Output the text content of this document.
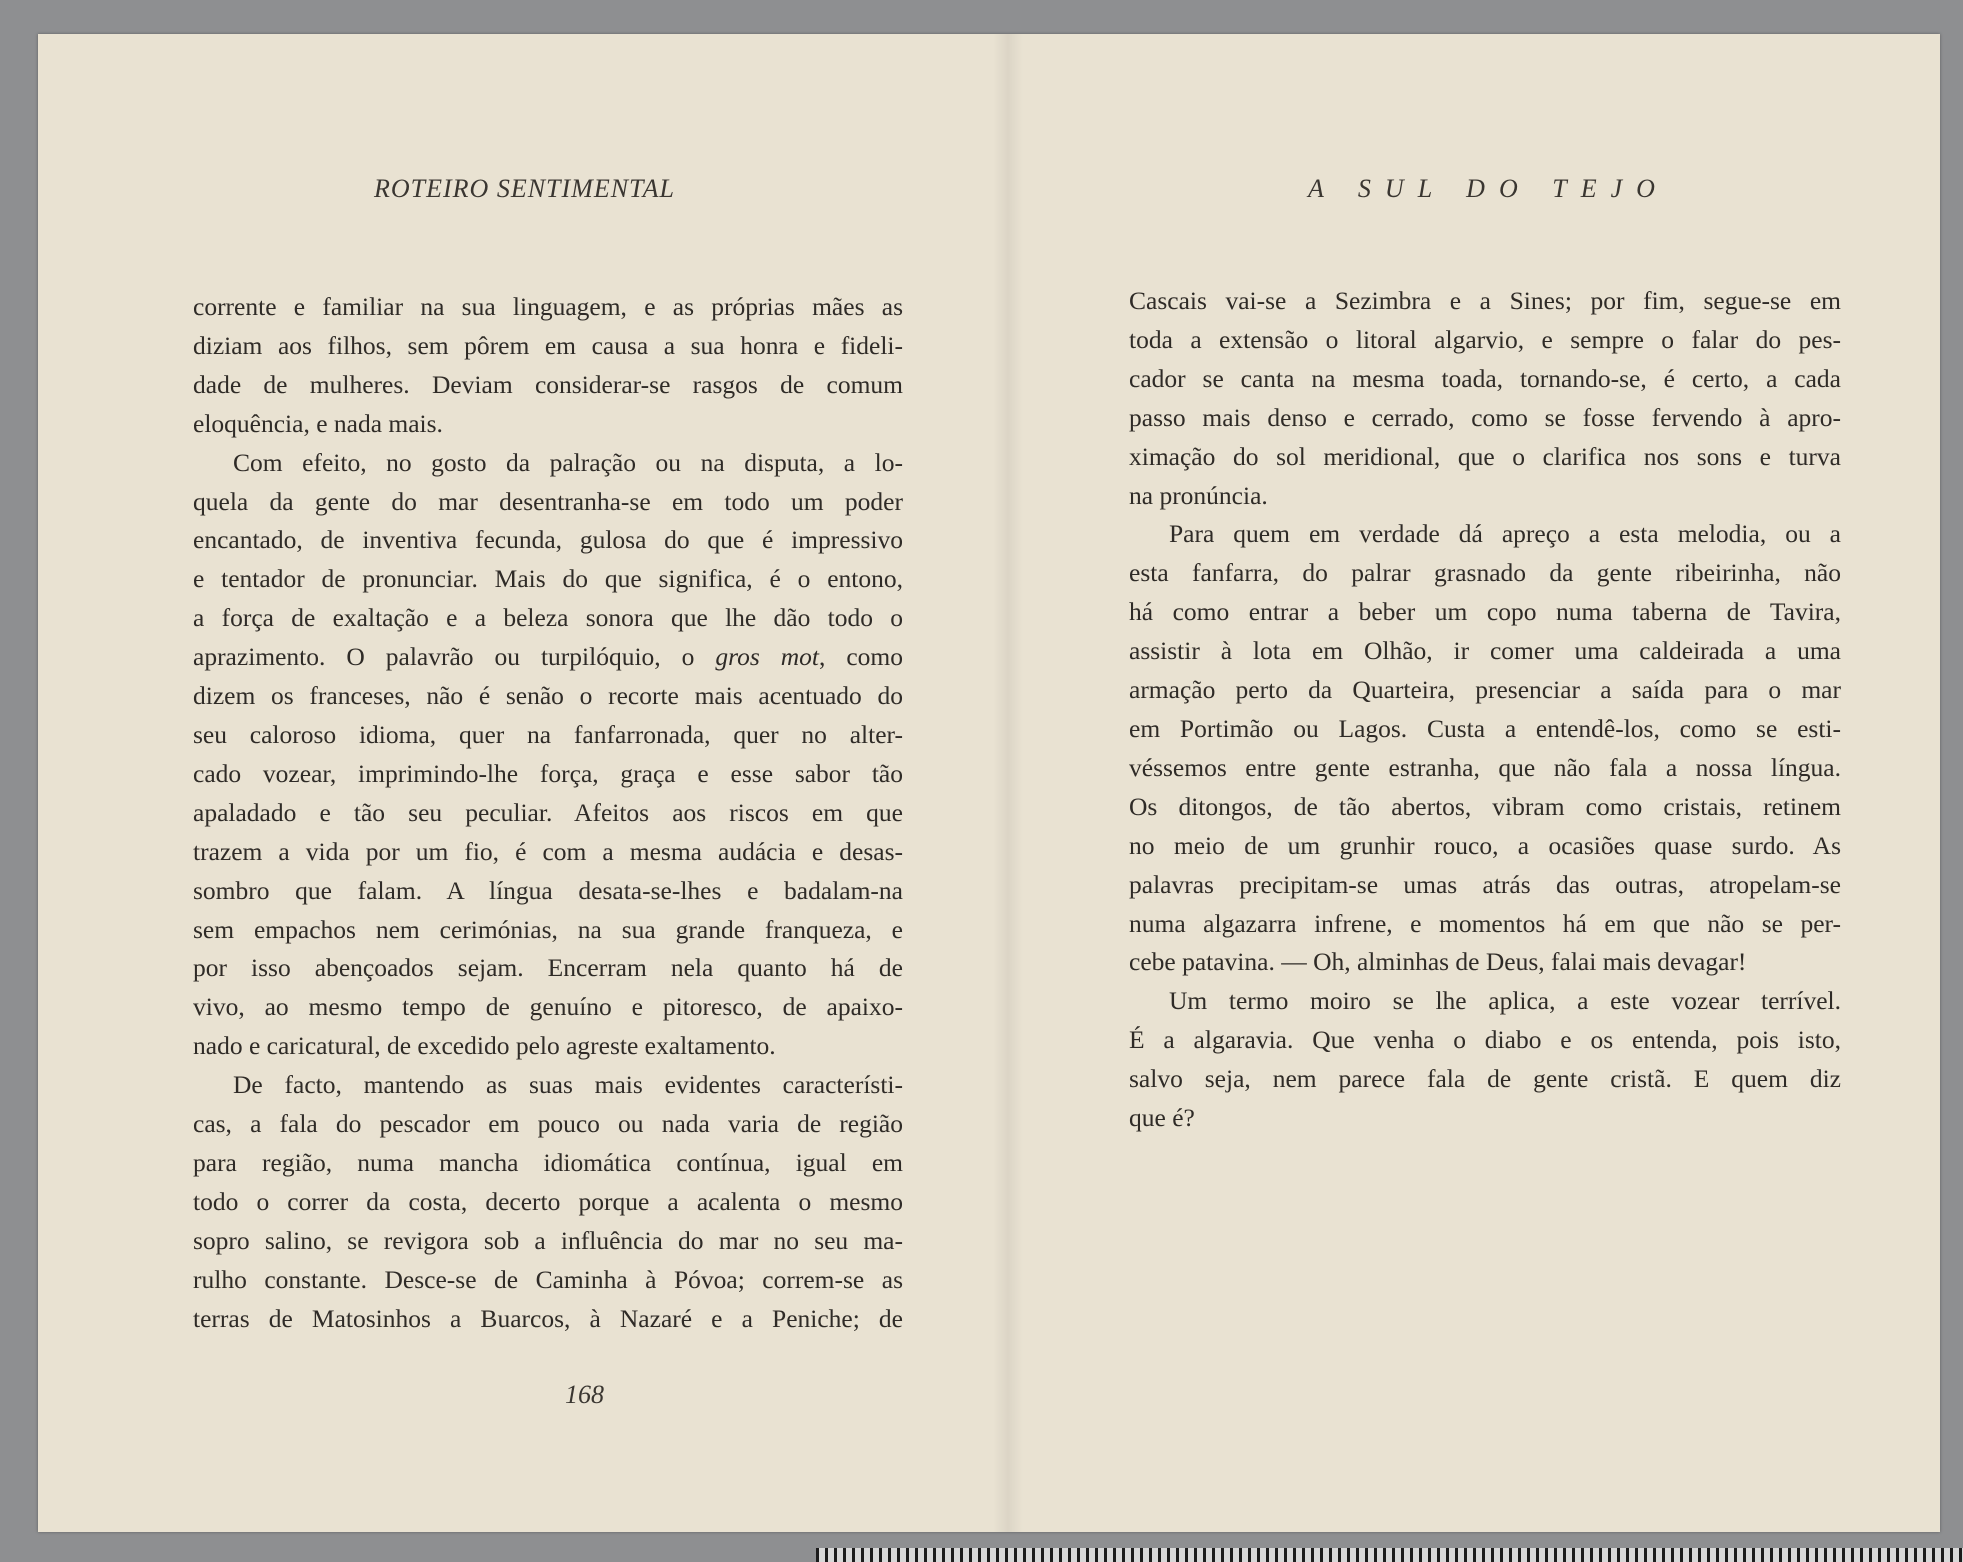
ROTEIRO SENTIMENTAL
corrente e familiar na sua linguagem, e as próprias mães as
diziam aos filhos, sem pôrem em causa a sua honra e fideli-
dade de mulheres. Deviam considerar-se rasgos de comum
eloquência, e nada mais.
Com efeito, no gosto da palração ou na disputa, a lo-
quela da gente do mar desentranha-se em todo um poder
encantado, de inventiva fecunda, gulosa do que é impressivo
e tentador de pronunciar. Mais do que significa, é o entono,
a força de exaltação e a beleza sonora que lhe dão todo o
aprazimento. O palavrão ou turpilóquio, o gros mot, como
dizem os franceses, não é senão o recorte mais acentuado do
seu caloroso idioma, quer na fanfarronada, quer no alter-
cado vozear, imprimindo-lhe força, graça e esse sabor tão
apaladado e tão seu peculiar. Afeitos aos riscos em que
trazem a vida por um fio, é com a mesma audácia e desas-
sombro que falam. A língua desata-se-lhes e badalam-na
sem empachos nem cerimónias, na sua grande franqueza, e
por isso abençoados sejam. Encerram nela quanto há de
vivo, ao mesmo tempo de genuíno e pitoresco, de apaixo-
nado e caricatural, de excedido pelo agreste exaltamento.
De facto, mantendo as suas mais evidentes característi-
cas, a fala do pescador em pouco ou nada varia de região
para região, numa mancha idiomática contínua, igual em
todo o correr da costa, decerto porque a acalenta o mesmo
sopro salino, se revigora sob a influência do mar no seu ma-
rulho constante. Desce-se de Caminha à Póvoa; correm-se as
terras de Matosinhos a Buarcos, à Nazaré e a Peniche; de
168
A SUL DO TEJO
Cascais vai-se a Sezimbra e a Sines; por fim, segue-se em
toda a extensão o litoral algarvio, e sempre o falar do pes-
cador se canta na mesma toada, tornando-se, é certo, a cada
passo mais denso e cerrado, como se fosse fervendo à apro-
ximação do sol meridional, que o clarifica nos sons e turva
na pronúncia.
Para quem em verdade dá apreço a esta melodia, ou a
esta fanfarra, do palrar grasnado da gente ribeirinha, não
há como entrar a beber um copo numa taberna de Tavira,
assistir à lota em Olhão, ir comer uma caldeirada a uma
armação perto da Quarteira, presenciar a saída para o mar
em Portimão ou Lagos. Custa a entendê-los, como se esti-
véssemos entre gente estranha, que não fala a nossa língua.
Os ditongos, de tão abertos, vibram como cristais, retinem
no meio de um grunhir rouco, a ocasiões quase surdo. As
palavras precipitam-se umas atrás das outras, atropelam-se
numa algazarra infrene, e momentos há em que não se per-
cebe patavina. — Oh, alminhas de Deus, falai mais devagar!
Um termo moiro se lhe aplica, a este vozear terrível.
É a algaravia. Que venha o diabo e os entenda, pois isto,
salvo seja, nem parece fala de gente cristã. E quem diz
que é?
